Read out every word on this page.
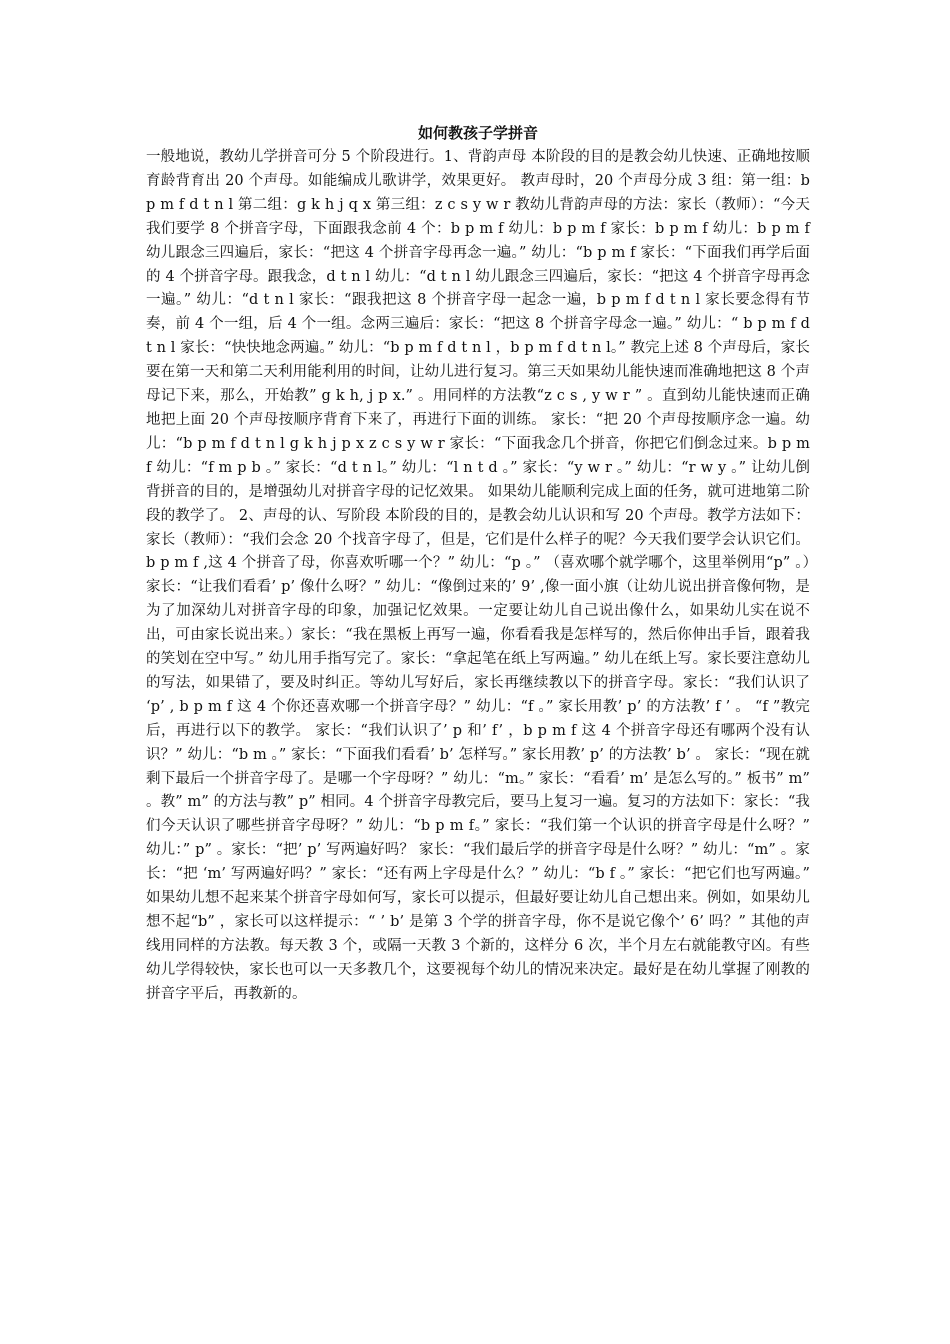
如何教孩子学拼音

一般地说，教幼儿学拼音可分 5 个阶段进行。1、背韵声母 本阶段的目的是教会幼儿快速、正确地按顺育龄背育出 20 个声母。如能编成儿歌讲学，效果更好。 教声母时，20 个声母分成 3 组：第一组：b p m f d t n l 第二组：g k h j q x 第三组：z c s y w r 教幼儿背韵声母的方法：家长（教师）：“今天我们要学 8 个拼音字母，下面跟我念前 4 个：b p m f 幼儿：b p m f 家长：b p m f 幼儿：b p m f 幼儿跟念三四遍后，家长：“把这 4 个拼音字母再念一遍。” 幼儿：“b p m f 家长：“下面我们再学后面的 4 个拼音字母。跟我念，d t n l 幼儿：“d t n l 幼儿跟念三四遍后，家长：“把这 4 个拼音字母再念一遍。” 幼儿：“d t n l 家长：“跟我把这 8 个拼音字母一起念一遍，b p m f d t n l 家长要念得有节奏，前 4 个一组，后 4 个一组。念两三遍后：家长：“把这 8 个拼音字母念一遍。” 幼儿：“ b p m f d t n l 家长：“快快地念两遍。” 幼儿：“b p m f d t n l ，b p m f d t n l。” 教完上述 8 个声母后，家长要在第一天和第二天利用能利用的时间，让幼儿进行复习。第三天如果幼儿能快速而准确地把这 8 个声母记下来，那么，开始教” g k h, j p x.” 。用同样的方法教“z c s , y w r ” 。直到幼儿能快速而正确地把上面 20 个声母按顺序背育下来了，再进行下面的训练。 家长：“把 20 个声母按顺序念一遍。幼儿：“b p m f d t n l g k h j p x z c s y w r 家长：“下面我念几个拼音，你把它们倒念过来。b p m f 幼儿：“f m p b 。” 家长：“d t n l。” 幼儿：“l n t d 。” 家长：“y w r 。” 幼儿：“r w y 。” 让幼儿倒背拼音的目的，是增强幼儿对拼音字母的记忆效果。 如果幼儿能顺利完成上面的任务，就可进地第二阶段的教学了。 2、声母的认、写阶段 本阶段的目的，是教会幼儿认识和写 20 个声母。教学方法如下：家长（教师）：“我们会念 20 个找音字母了，但是，它们是什么样子的呢？今天我们要学会认识它们。b p m f ,这 4 个拼音了母，你喜欢听哪一个？” 幼儿：“p 。” （喜欢哪个就学哪个，这里举例用“p” 。）家长：“让我们看看’ p’ 像什么呀？” 幼儿：“像倒过来的’ 9’ ,像一面小旗（让幼儿说出拼音像何物，是为了加深幼儿对拼音字母的印象，加强记忆效果。一定要让幼儿自己说出像什么，如果幼儿实在说不出，可由家长说出来。）家长：“我在黑板上再写一遍，你看看我是怎样写的，然后你伸出手旨，跟着我的笑划在空中写。” 幼儿用手指写完了。家长：“拿起笔在纸上写两遍。” 幼儿在纸上写。家长要注意幼儿的写法，如果错了，要及时纠正。等幼儿写好后，家长再继续教以下的拼音字母。家长：“我们认识了 ‘p’ , b p m f 这 4 个你还喜欢哪一个拼音字母？” 幼儿：“f 。” 家长用教’ p’ 的方法教’ f ’ 。 “f ”教完后，再进行以下的教学。 家长：“我们认识了’ p 和’ f’ ，b p m f 这 4 个拼音字母还有哪两个没有认识？” 幼儿：“b m 。” 家长：“下面我们看看’ b’ 怎样写。” 家长用教’ p’ 的方法教’ b’ 。 家长：“现在就剩下最后一个拼音字母了。是哪一个字母呀？” 幼儿：“m。” 家长：“看看’ m’ 是怎么写的。” 板书” m” 。教” m” 的方法与教” p” 相同。4 个拼音字母教完后，要马上复习一遍。复习的方法如下：家长：“我们今天认识了哪些拼音字母呀？” 幼儿：“b p m f。” 家长：“我们第一个认识的拼音字母是什么呀？” 幼儿：” p” 。家长：“把’ p’ 写两遍好吗？ 家长：“我们最后学的拼音字母是什么呀？” 幼儿：“m” 。家长：“把 ‘m’ 写两遍好吗？” 家长：“还有两上字母是什么？” 幼儿：“b f 。” 家长：“把它们也写两遍。” 如果幼儿想不起来某个拼音字母如何写，家长可以提示，但最好要让幼儿自己想出来。例如，如果幼儿想不起“b” ，家长可以这样提示：“ ’ b’ 是第 3 个学的拼音字母，你不是说它像个’ 6’ 吗？” 其他的声线用同样的方法教。每天教 3 个，或隔一天教 3 个新的，这样分 6 次，半个月左右就能教守凶。有些幼儿学得较快，家长也可以一天多教几个，这要视每个幼儿的情况来决定。最好是在幼儿掌握了刚教的拼音字平后，再教新的。
